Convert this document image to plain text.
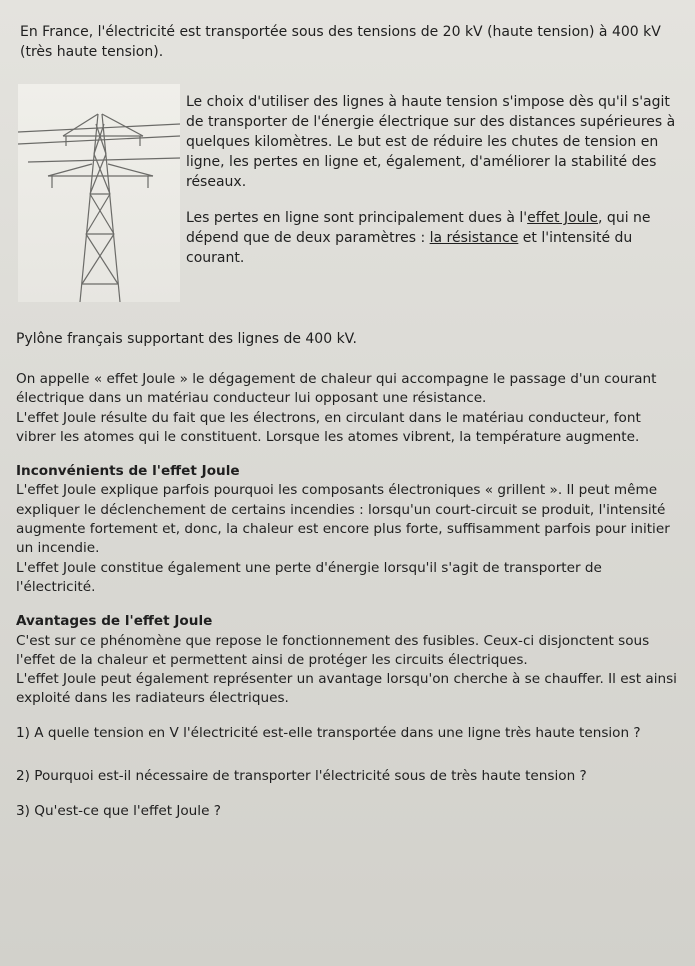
En France, l'électricité est transportée sous des tensions de 20 kV (haute tension) à 400 kV (très haute tension).

Le choix d'utiliser des lignes à haute tension s'impose dès qu'il s'agit de transporter de l'énergie électrique sur des distances supérieures à quelques kilomètres. Le but est de réduire les chutes de tension en ligne, les pertes en ligne et, également, d'améliorer la stabilité des réseaux.

Les pertes en ligne sont principalement dues à l'effet Joule, qui ne dépend que de deux paramètres : la résistance et l'intensité du courant.

Pylône français supportant des lignes de 400 kV.

On appelle « effet Joule » le dégagement de chaleur qui accompagne le passage d'un courant électrique dans un matériau conducteur lui opposant une résistance.

L'effet Joule résulte du fait que les électrons, en circulant dans le matériau conducteur, font vibrer les atomes qui le constituent. Lorsque les atomes vibrent, la température augmente.

Inconvénients de l'effet Joule

L'effet Joule explique parfois pourquoi les composants électroniques « grillent ». Il peut même expliquer le déclenchement de certains incendies : lorsqu'un court-circuit se produit, l'intensité augmente fortement et, donc, la chaleur est encore plus forte, suffisamment parfois pour initier un incendie.

L'effet Joule constitue également une perte d'énergie lorsqu'il s'agit de transporter de l'électricité.

Avantages de l'effet Joule

C'est sur ce phénomène que repose le fonctionnement des fusibles. Ceux-ci disjonctent sous l'effet de la chaleur et permettent ainsi de protéger les circuits électriques.

L'effet Joule peut également représenter un avantage lorsqu'on cherche à se chauffer. Il est ainsi exploité dans les radiateurs électriques.

1) A quelle tension en V l'électricité est-elle transportée dans une ligne très haute tension ?

2) Pourquoi est-il nécessaire de transporter l'électricité sous de très haute tension ?

3) Qu'est-ce que l'effet Joule ?
